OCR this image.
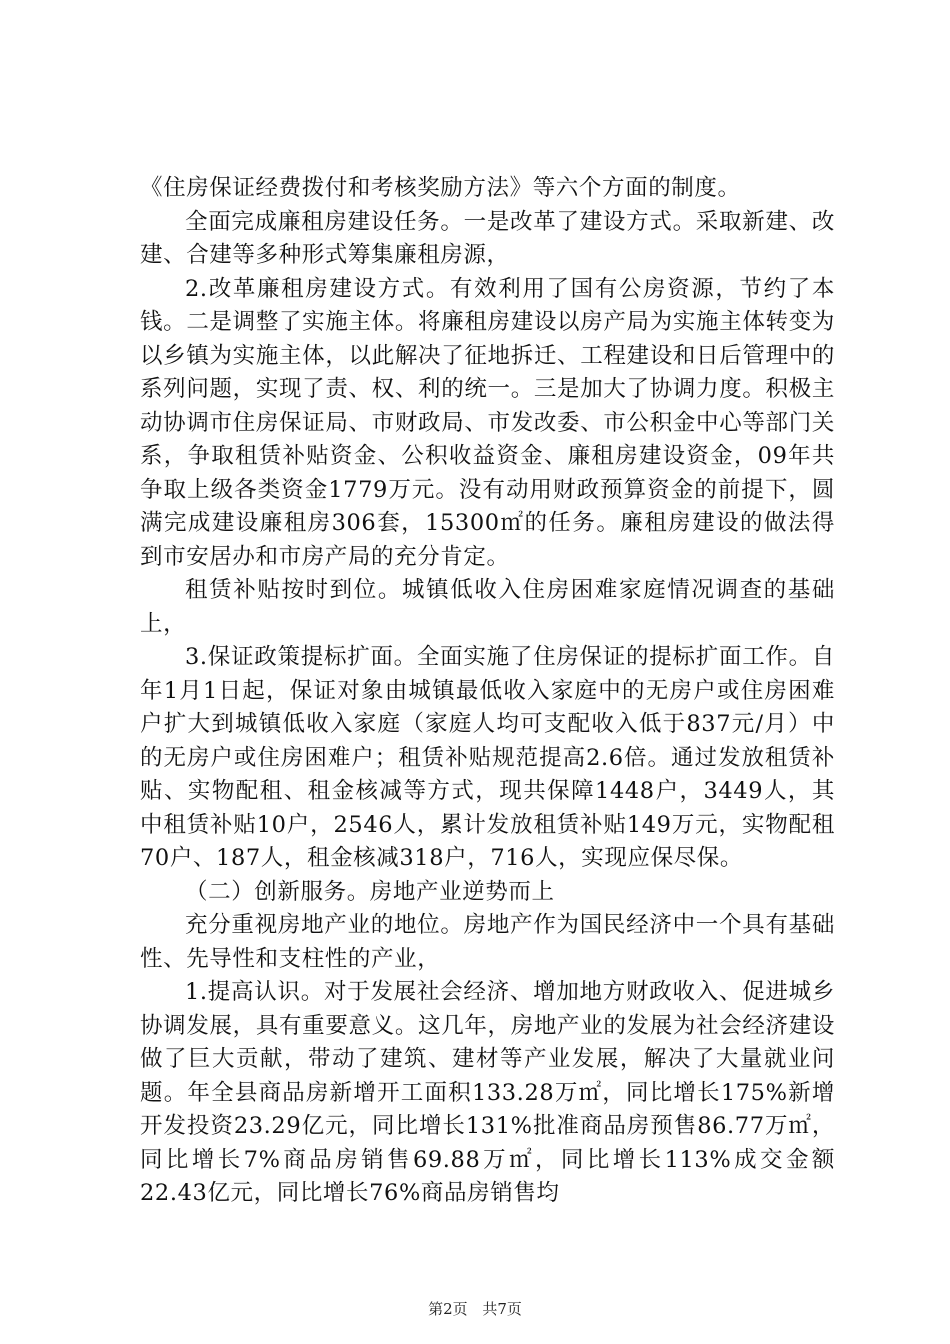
《住房保证经费拨付和考核奖励方法》等六个方面的制度。

全面完成廉租房建设任务。一是改革了建设方式。采取新建、改建、合建等多种形式筹集廉租房源，

2.改革廉租房建设方式。有效利用了国有公房资源，节约了本钱。二是调整了实施主体。将廉租房建设以房产局为实施主体转变为以乡镇为实施主体，以此解决了征地拆迁、工程建设和日后管理中的系列问题，实现了责、权、利的统一。三是加大了协调力度。积极主动协调市住房保证局、市财政局、市发改委、市公积金中心等部门关系，争取租赁补贴资金、公积收益资金、廉租房建设资金，09年共争取上级各类资金1779万元。没有动用财政预算资金的前提下，圆满完成建设廉租房306套，15300㎡的任务。廉租房建设的做法得到市安居办和市房产局的充分肯定。

租赁补贴按时到位。城镇低收入住房困难家庭情况调查的基础上，

3.保证政策提标扩面。全面实施了住房保证的提标扩面工作。自年1月1日起，保证对象由城镇最低收入家庭中的无房户或住房困难户扩大到城镇低收入家庭（家庭人均可支配收入低于837元/月）中的无房户或住房困难户；租赁补贴规范提高2.6倍。通过发放租赁补贴、实物配租、租金核减等方式，现共保障1448户，3449人，其中租赁补贴10户，2546人，累计发放租赁补贴149万元，实物配租70户、187人，租金核减318户，716人，实现应保尽保。

（二）创新服务。房地产业逆势而上

充分重视房地产业的地位。房地产作为国民经济中一个具有基础性、先导性和支柱性的产业，

1.提高认识。对于发展社会经济、增加地方财政收入、促进城乡协调发展，具有重要意义。这几年，房地产业的发展为社会经济建设做了巨大贡献，带动了建筑、建材等产业发展，解决了大量就业问题。年全县商品房新增开工面积133.28万㎡，同比增长175%新增开发投资23.29亿元，同比增长131%批准商品房预售86.77万㎡，同比增长7%商品房销售69.88万㎡，同比增长113%成交金额22.43亿元，同比增长76%商品房销售均

第2页 共7页
